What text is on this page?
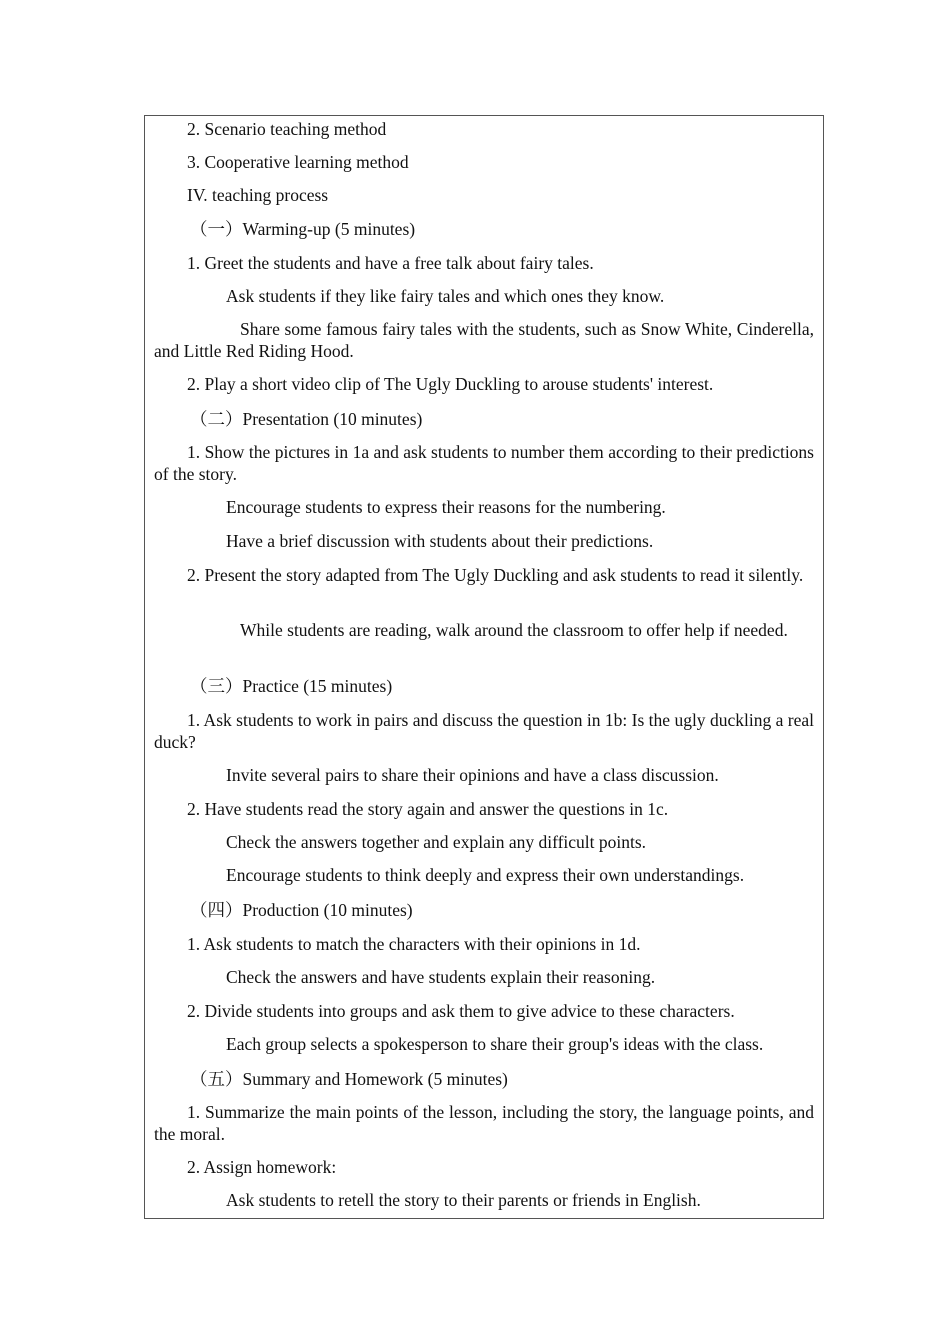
2. Scenario teaching method
3. Cooperative learning method
IV. teaching process
（一）Warming-up (5 minutes)
1. Greet the students and have a free talk about fairy tales.
Ask students if they like fairy tales and which ones they know.
Share some famous fairy tales with the students, such as Snow White, Cinderella, and Little Red Riding Hood.
2. Play a short video clip of The Ugly Duckling to arouse students' interest.
（二）Presentation (10 minutes)
1. Show the pictures in 1a and ask students to number them according to their predictions of the story.
Encourage students to express their reasons for the numbering.
Have a brief discussion with students about their predictions.
2. Present the story adapted from The Ugly Duckling and ask students to read it silently.
While students are reading, walk around the classroom to offer help if needed.
（三）Practice (15 minutes)
1. Ask students to work in pairs and discuss the question in 1b: Is the ugly duckling a real duck?
Invite several pairs to share their opinions and have a class discussion.
2. Have students read the story again and answer the questions in 1c.
Check the answers together and explain any difficult points.
Encourage students to think deeply and express their own understandings.
（四）Production (10 minutes)
1. Ask students to match the characters with their opinions in 1d.
Check the answers and have students explain their reasoning.
2. Divide students into groups and ask them to give advice to these characters.
Each group selects a spokesperson to share their group's ideas with the class.
（五）Summary and Homework (5 minutes)
1. Summarize the main points of the lesson, including the story, the language points, and the moral.
2. Assign homework:
Ask students to retell the story to their parents or friends in English.
